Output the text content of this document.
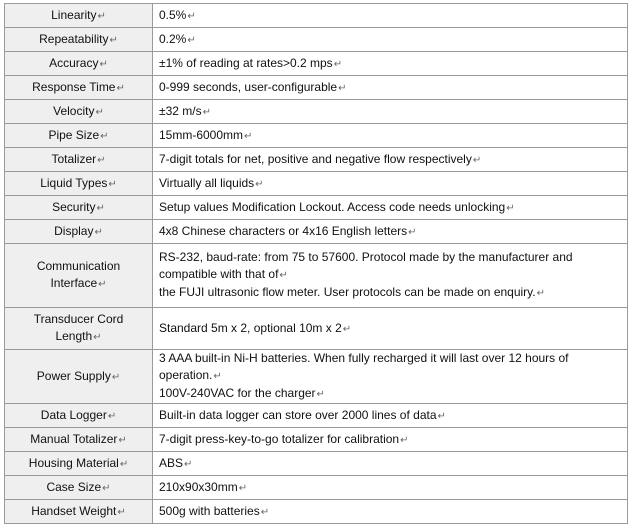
Linearity↵	0.5%↵
Repeatability↵	0.2%↵
Accuracy↵	±1% of reading at rates>0.2 mps↵
Response Time↵	0-999 seconds, user-configurable↵
Velocity↵	±32 m/s↵
Pipe Size↵	15mm-6000mm↵
Totalizer↵	7-digit totals for net, positive and negative flow respectively↵
Liquid Types↵	Virtually all liquids↵
Security↵	Setup values Modification Lockout. Access code needs unlocking↵
Display↵	4x8 Chinese characters or 4x16 English letters↵

Communication
Interface↵	RS-232, baud-rate: from 75 to 57600. Protocol made by the manufacturer and
compatible with that of↵
the FUJI ultrasonic flow meter. User protocols can be made on enquiry.↵

Transducer Cord
Length↵	Standard 5m x 2, optional 10m x 2↵
Power Supply↵	3 AAA built-in Ni-H batteries. When fully recharged it will last over 12 hours of operation.↵
100V-240VAC for the charger↵

Data Logger↵	Built-in data logger can store over 2000 lines of data↵
Manual Totalizer↵	7-digit press-key-to-go totalizer for calibration↵
Housing Material↵	ABS↵
Case Size↵	210x90x30mm↵
Handset Weight↵	500g with batteries↵
